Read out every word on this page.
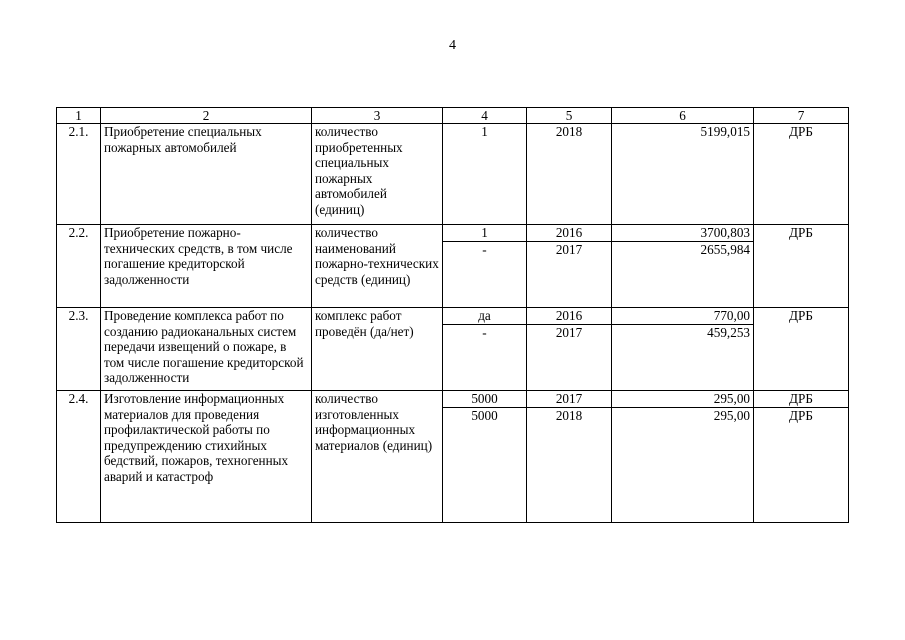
4
1	2	3	4	5	6	7
2.1.	Приобретение специальных пожарных автомобилей	количество приобретенных специальных пожарных автомобилей (единиц)	1	2018	5199,015	ДРБ
2.2.	Приобретение пожарно-технических средств, в том числе погашение кредиторской задолженности	количество наименований пожарно-технических средств (единиц)	1	2016	3700,803	ДРБ
			-	2017	2655,984	
2.3.	Проведение комплекса работ по созданию радиоканальных систем передачи извещений о пожаре, в том числе погашение кредиторской задолженности	комплекс работ проведён (да/нет)	да	2016	770,00	ДРБ
			-	2017	459,253	
2.4.	Изготовление информационных материалов для проведения профилактической работы по предупреждению стихийных бедствий, пожаров, техногенных аварий и катастроф	количество изготовленных информационных материалов (единиц)	5000	2017	295,00	ДРБ
			5000	2018	295,00	ДРБ
